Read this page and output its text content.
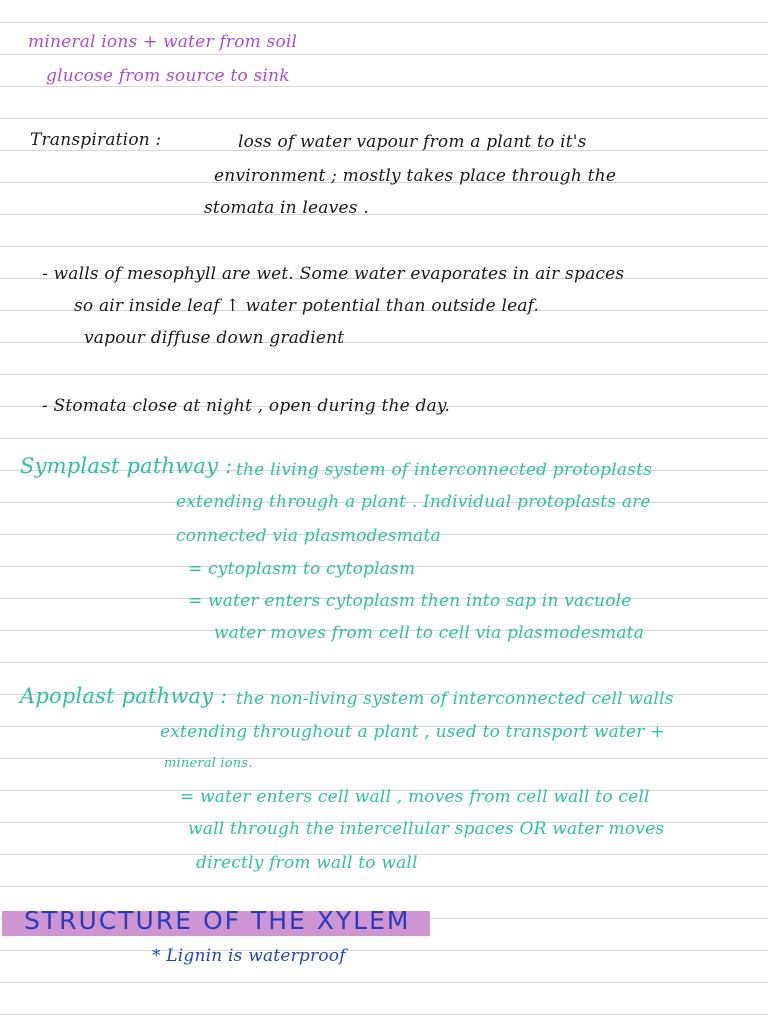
mineral ions + water from soil

glucose from source to sink

Transpiration :	loss of water vapour from a plant to it's

environment ; mostly takes place through the

stomata in leaves .

- walls of mesophyll are wet. Some water evaporates in air spaces

so air inside leaf ↑ water potential than outside leaf.

vapour diffuse down gradient

- Stomata close at night , open during the day.

Symplast pathway : the living system of interconnected protoplasts

extending through a plant . Individual protoplasts are

connected via plasmodesmata

= cytoplasm to cytoplasm

= water enters cytoplasm then into sap in vacuole

water moves from cell to cell via plasmodesmata

Apoplast pathway : the non-living system of interconnected cell walls

extending throughout a plant , used to transport water +

mineral ions.

= water enters cell wall , moves from cell wall to cell

wall through the intercellular spaces OR water moves

directly from wall to wall

STRUCTURE OF THE XYLEM

* Lignin is waterproof
